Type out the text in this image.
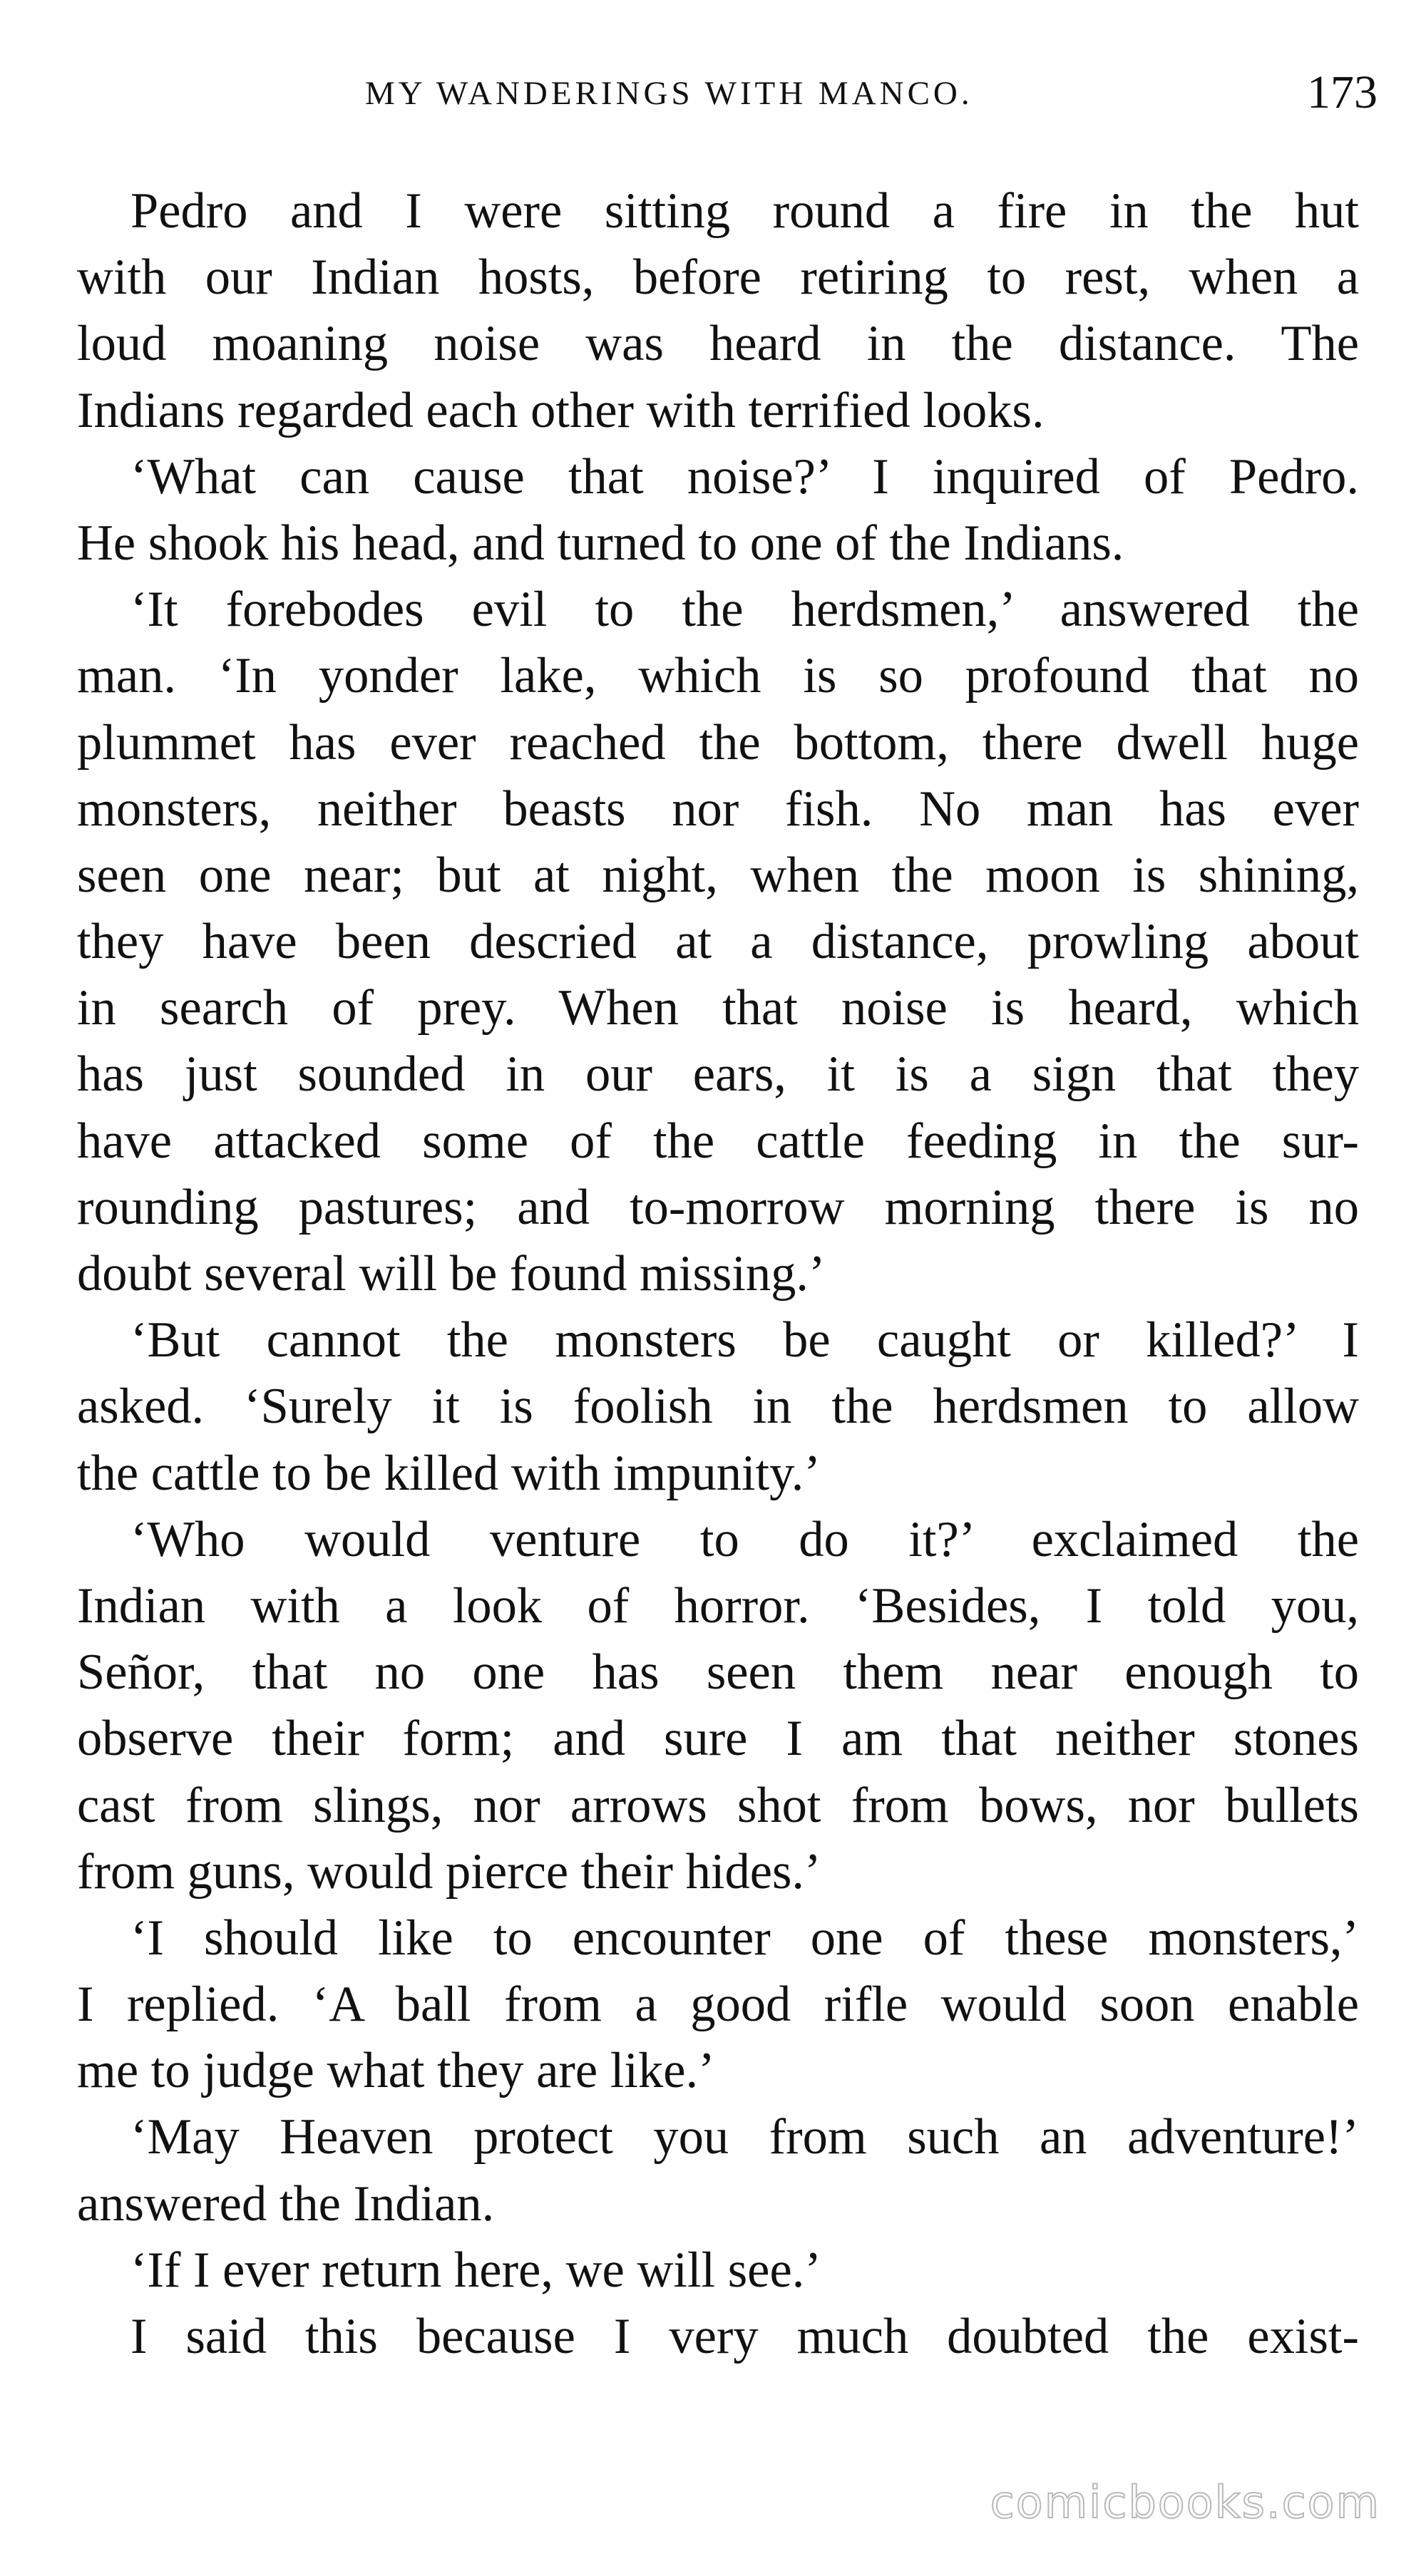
MY WANDERINGS WITH MANCO.	173
Pedro and I were sitting round a fire in the hut
with our Indian hosts, before retiring to rest, when a
loud moaning noise was heard in the distance. The
Indians regarded each other with terrified looks.
‘What can cause that noise?’ I inquired of Pedro.
He shook his head, and turned to one of the Indians.
‘It forebodes evil to the herdsmen,’ answered the
man. ‘In yonder lake, which is so profound that no
plummet has ever reached the bottom, there dwell huge
monsters, neither beasts nor fish. No man has ever
seen one near; but at night, when the moon is shining,
they have been descried at a distance, prowling about
in search of prey. When that noise is heard, which
has just sounded in our ears, it is a sign that they
have attacked some of the cattle feeding in the sur-
rounding pastures; and to-morrow morning there is no
doubt several will be found missing.’
‘But cannot the monsters be caught or killed?’ I
asked. ‘Surely it is foolish in the herdsmen to allow
the cattle to be killed with impunity.’
‘Who would venture to do it?’ exclaimed the
Indian with a look of horror. ‘Besides, I told you,
Señor, that no one has seen them near enough to
observe their form; and sure I am that neither stones
cast from slings, nor arrows shot from bows, nor bullets
from guns, would pierce their hides.’
‘I should like to encounter one of these monsters,’
I replied. ‘A ball from a good rifle would soon enable
me to judge what they are like.’
‘May Heaven protect you from such an adventure!’
answered the Indian.
‘If I ever return here, we will see.’
I said this because I very much doubted the exist-
comicbooks.com
